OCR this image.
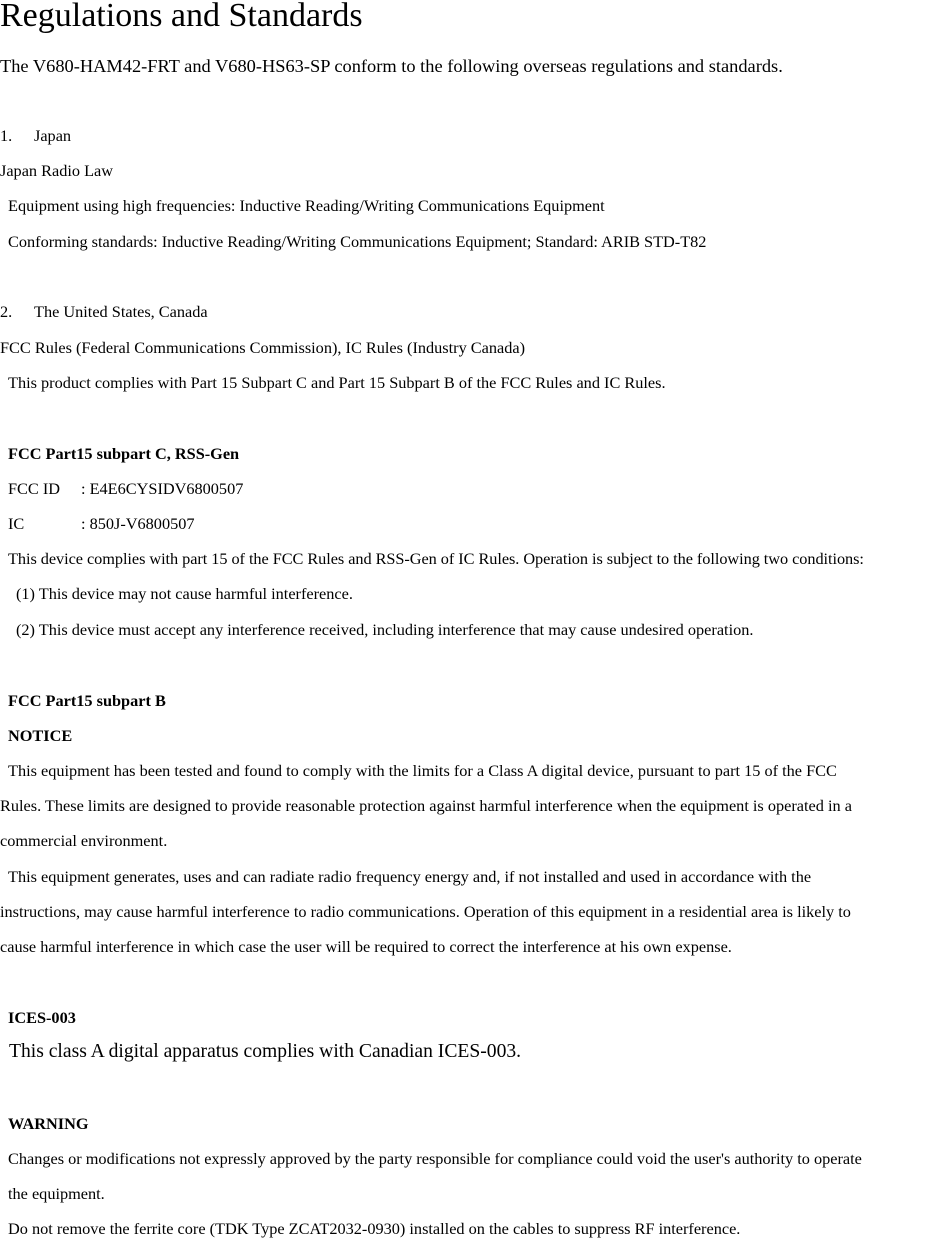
Regulations and Standards
The V680-HAM42-FRT and V680-HS63-SP conform to the following overseas regulations and standards.
1. Japan
Japan Radio Law
Equipment using high frequencies: Inductive Reading/Writing Communications Equipment
Conforming standards: Inductive Reading/Writing Communications Equipment; Standard: ARIB STD-T82
2. The United States, Canada
FCC Rules (Federal Communications Commission), IC Rules (Industry Canada)
This product complies with Part 15 Subpart C and Part 15 Subpart B of the FCC Rules and IC Rules.
FCC Part15 subpart C, RSS-Gen
FCC ID : E4E6CYSIDV6800507
IC	: 850J-V6800507
This device complies with part 15 of the FCC Rules and RSS-Gen of IC Rules. Operation is subject to the following two conditions:
(1) This device may not cause harmful interference.
(2) This device must accept any interference received, including interference that may cause undesired operation.
FCC Part15 subpart B
NOTICE
This equipment has been tested and found to comply with the limits for a Class A digital device, pursuant to part 15 of the FCC
Rules. These limits are designed to provide reasonable protection against harmful interference when the equipment is operated in a
commercial environment.
This equipment generates, uses and can radiate radio frequency energy and, if not installed and used in accordance with the
instructions, may cause harmful interference to radio communications. Operation of this equipment in a residential area is likely to
cause harmful interference in which case the user will be required to correct the interference at his own expense.
ICES-003
This class A digital apparatus complies with Canadian ICES-003.
WARNING
Changes or modifications not expressly approved by the party responsible for compliance could void the user's authority to operate
the equipment.
Do not remove the ferrite core (TDK Type ZCAT2032-0930) installed on the cables to suppress RF interference.
